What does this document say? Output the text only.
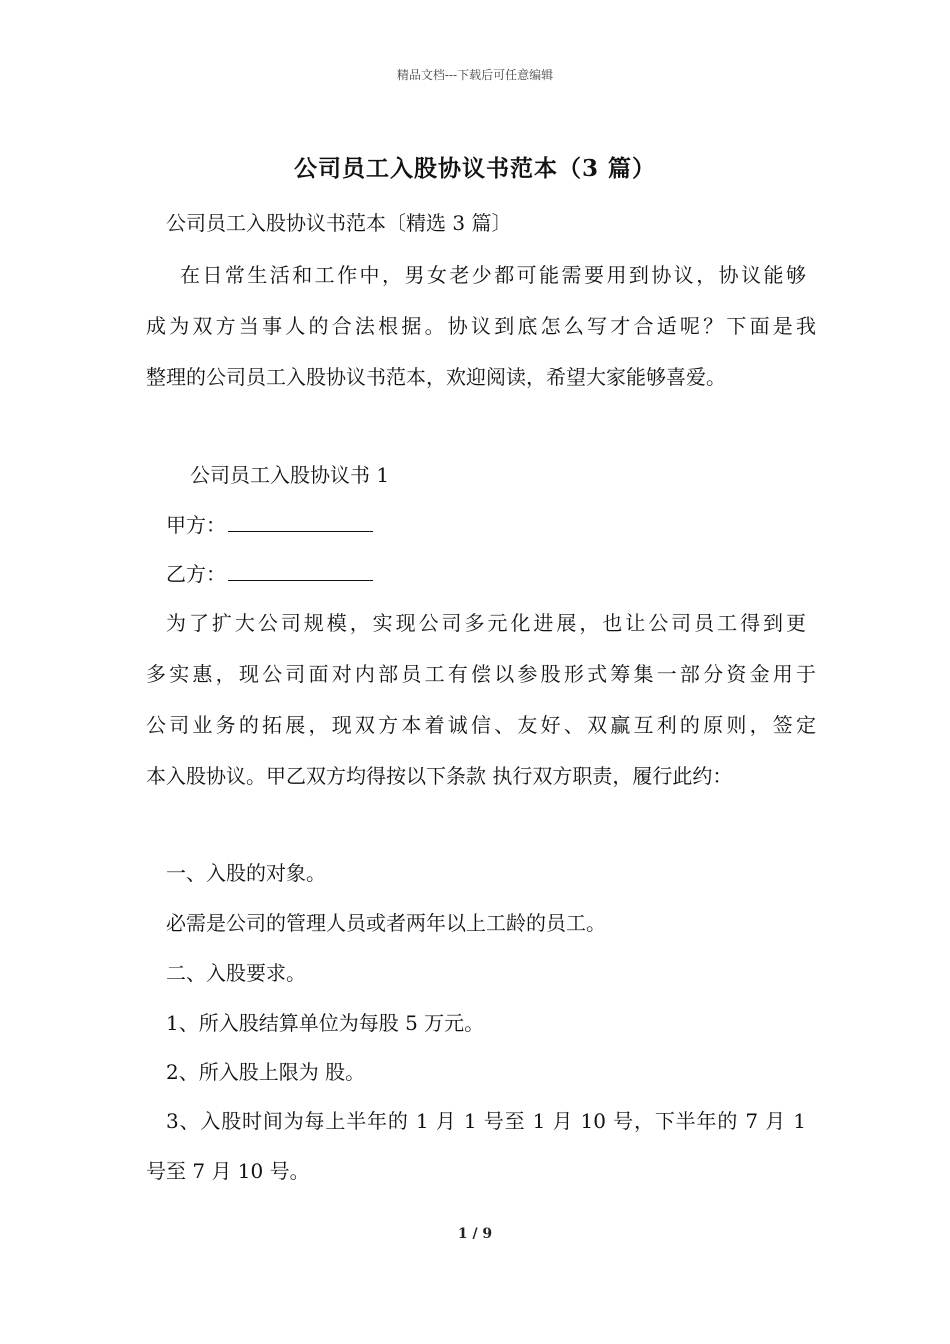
精品文档---下载后可任意编辑
公司员工入股协议书范本（3 篇）
公司员工入股协议书范本〔精选 3 篇〕
在日常生活和工作中，男女老少都可能需要用到协议，协议能够
成为双方当事人的合法根据。协议到底怎么写才合适呢？下面是我
整理的公司员工入股协议书范本，欢迎阅读，希望大家能够喜爱。
公司员工入股协议书 1
甲方：
乙方：
为了扩大公司规模，实现公司多元化进展，也让公司员工得到更
多实惠，现公司面对内部员工有偿以参股形式筹集一部分资金用于
公司业务的拓展，现双方本着诚信、友好、双赢互利的原则，签定
本入股协议。甲乙双方均得按以下条款 执行双方职责，履行此约：
一、入股的对象。
必需是公司的管理人员或者两年以上工龄的员工。
二、入股要求。
1、所入股结算单位为每股 5 万元。
2、所入股上限为 股。
3、入股时间为每上半年的 1 月 1 号至 1 月 10 号，下半年的 7 月 1
号至 7 月 10 号。
1 / 9
